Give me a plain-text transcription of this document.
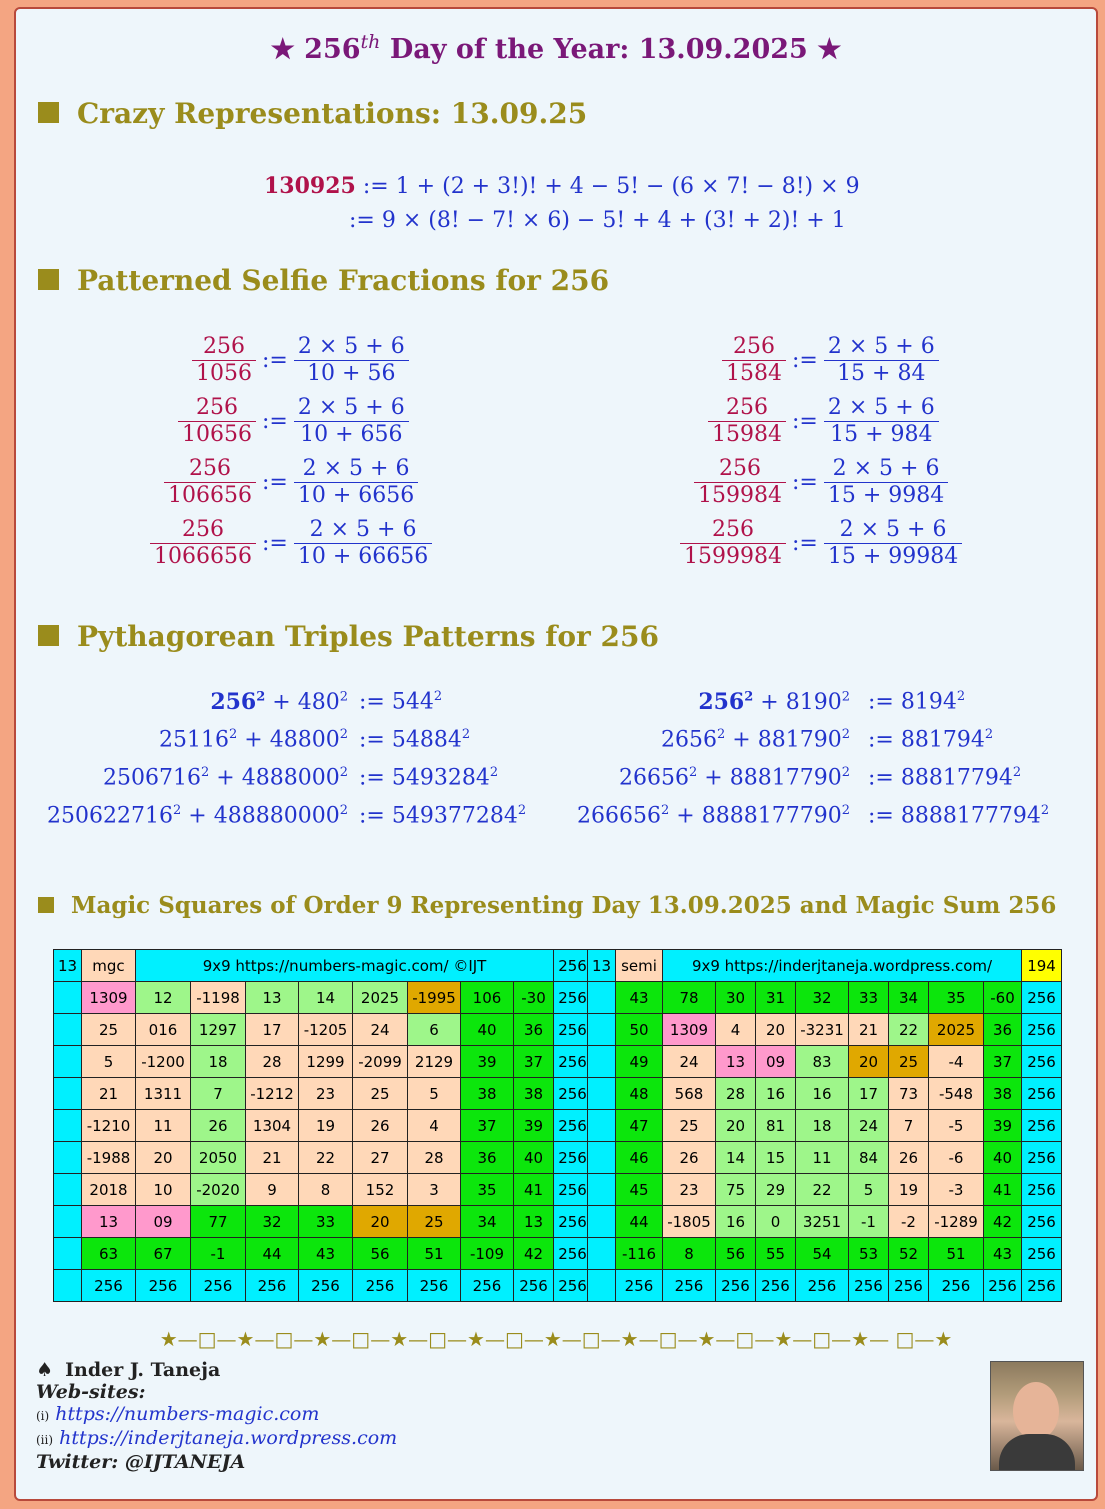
★ 256th Day of the Year: 13.09.2025 ★
Crazy Representations: 13.09.25
130925 := 1 + (2 + 3!)! + 4 − 5! − (6 × 7! − 8!) × 9
:= 9 × (8! − 7! × 6) − 5! + 4 + (3! + 2)! + 1
Patterned Selfie Fractions for 256
$\frac{256}{1056}$ := $\frac{2 \times 5 + 6}{10 + 56}$
$\frac{256}{10656}$ := $\frac{2 \times 5 + 6}{10 + 656}$
$\frac{256}{106656}$ := $\frac{2 \times 5 + 6}{10 + 6656}$
$\frac{256}{1066656}$ := $\frac{2 \times 5 + 6}{10 + 66656}$
$\frac{256}{1584}$ := $\frac{2 \times 5 + 6}{15 + 84}$
$\frac{256}{15984}$ := $\frac{2 \times 5 + 6}{15 + 984}$
$\frac{256}{159984}$ := $\frac{2 \times 5 + 6}{15 + 9984}$
$\frac{256}{1599984}$ := $\frac{2 \times 5 + 6}{15 + 99984}$
Pythagorean Triples Patterns for 256
$256^2 + 480^2$ := $544^2$
$25116^2 + 48800^2$ := $54884^2$
$2506716^2 + 4888000^2$ := $5493284^2$
$250622716^2 + 488880000^2$ := $549377284^2$
$256^2 + 8190^2$ := $8194^2$
$2656^2 + 881790^2$ := $881794^2$
$26656^2 + 88817790^2$ := $88817794^2$
$266656^2 + 8888177790^2$ := $8888177794^2$
Magic Squares of Order 9 Representing Day 13.09.2025 and Magic Sum 256
13	mgc	9x9 https://numbers-magic.com/ ©IJT								256
	1309	12	-1198	13	14	2025	-1995	106	-30	256
	25	016	1297	17	-1205	24	6	40	36	256
	5	-1200	18	28	1299	-2099	2129	39	37	256
	21	1311	7	-1212	23	25	5	38	38	256
	-1210	11	26	1304	19	26	4	37	39	256
	-1988	20	2050	21	22	27	28	36	40	256
	2018	10	-2020	9	8	152	3	35	41	256
	13	09	77	32	33	20	25	34	13	256
	63	67	-1	44	43	56	51	-109	42	256
	256	256	256	256	256	256	256	256	256	256
13	semi	9x9 https://inderjtaneja.wordpress.com/								194
	43	78	30	31	32	33	34	35	-60	256
	50	1309	4	20	-3231	21	22	2025	36	256
	49	24	13	09	83	20	25	-4	37	256
	48	568	28	16	16	17	73	-548	38	256
	47	25	20	81	18	24	7	-5	39	256
	46	26	14	15	11	84	26	-6	40	256
	45	23	75	29	22	5	19	-3	41	256
	44	-1805	16	0	3251	-1	-2	-1289	42	256
	-116	8	56	55	54	53	52	51	43	256
	256	256	256	256	256	256	256	256	256	256
★—□—★—□—★—□—★—□—★—□—★—□—★—□—★—□—★—□—★— □—★
♠ Inder J. Taneja
Web-sites:
(i) https://numbers-magic.com
(ii) https://inderjtaneja.wordpress.com
Twitter: @IJTANEJA
